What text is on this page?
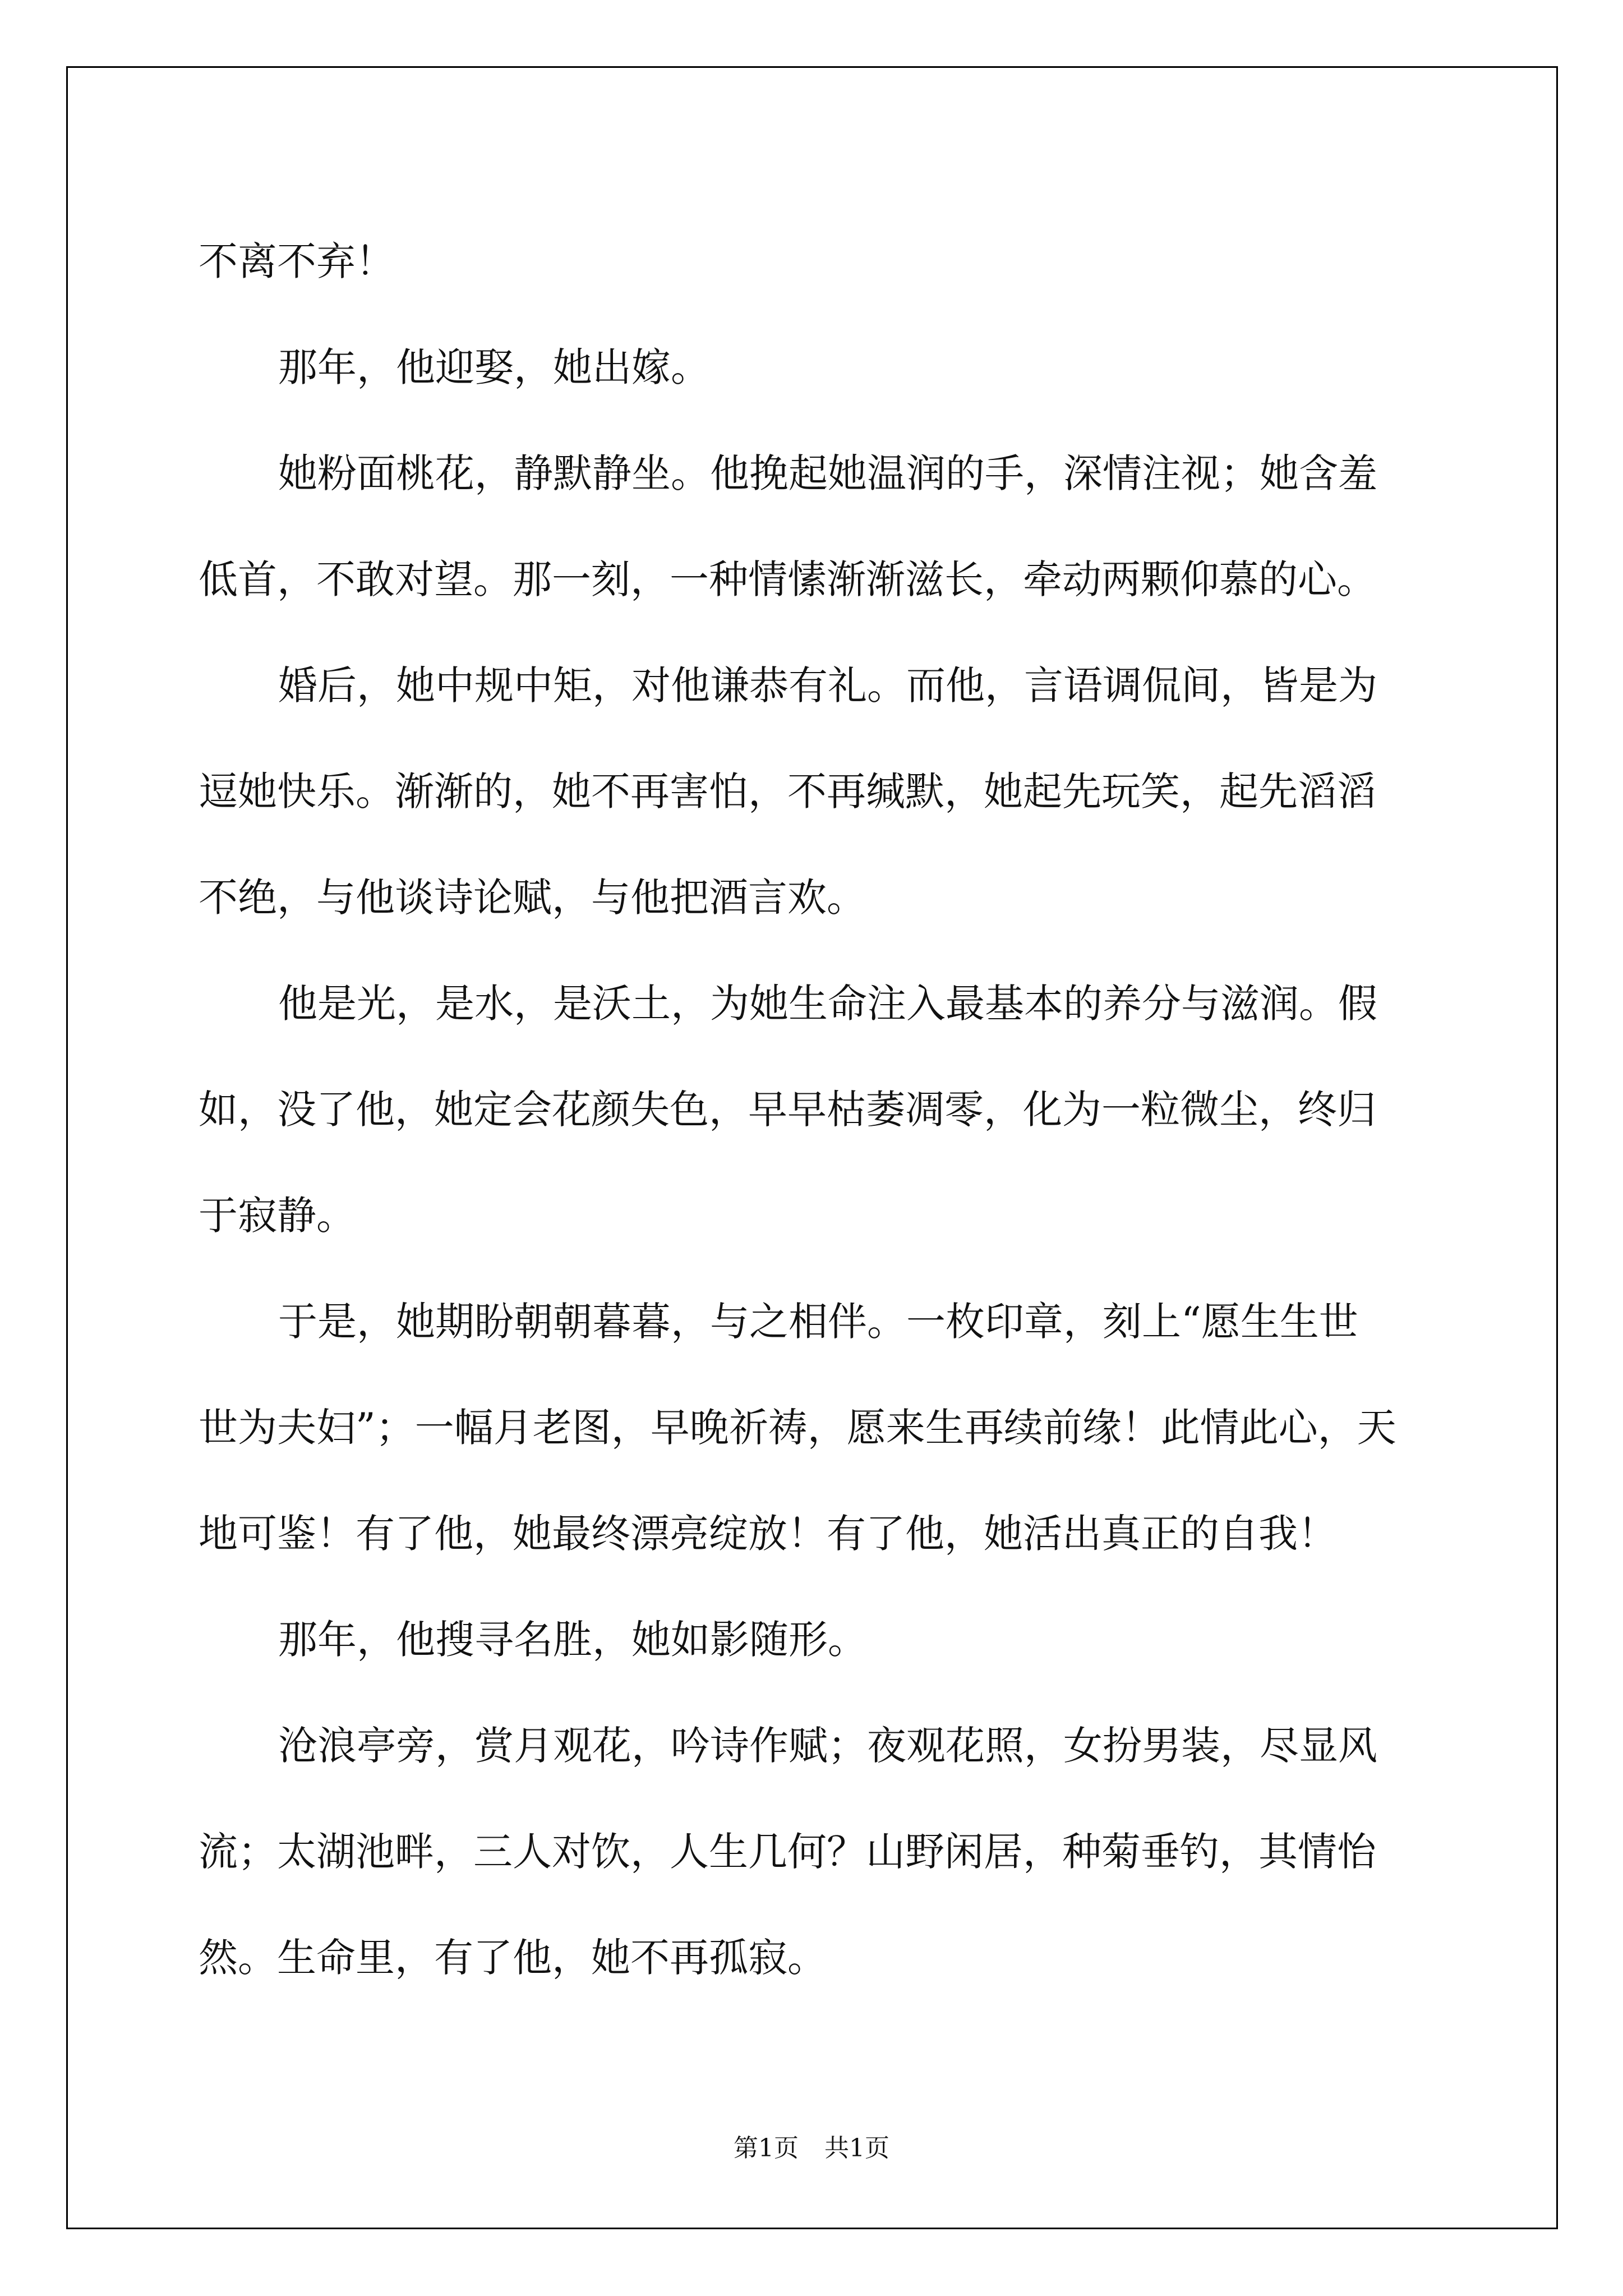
不离不弃！

那年，他迎娶，她出嫁。

她粉面桃花，静默静坐。他挽起她温润的手，深情注视；她含羞

低首，不敢对望。那一刻，一种情愫渐渐滋长，牵动两颗仰慕的心。

婚后，她中规中矩，对他谦恭有礼。而他，言语调侃间，皆是为

逗她快乐。渐渐的，她不再害怕，不再缄默，她起先玩笑，起先滔滔

不绝，与他谈诗论赋，与他把酒言欢。

他是光，是水，是沃土，为她生命注入最基本的养分与滋润。假

如，没了他，她定会花颜失色，早早枯萎凋零，化为一粒微尘，终归

于寂静。

于是，她期盼朝朝暮暮，与之相伴。一枚印章，刻上“愿生生世

世为夫妇”；一幅月老图，早晚祈祷，愿来生再续前缘！此情此心，天

地可鉴！有了他，她最终漂亮绽放！有了他，她活出真正的自我！

那年，他搜寻名胜，她如影随形。

沧浪亭旁，赏月观花，吟诗作赋；夜观花照，女扮男装，尽显风

流；太湖池畔，三人对饮，人生几何？山野闲居，种菊垂钓，其情怡

然。生命里，有了他，她不再孤寂。

第1页 共1页
